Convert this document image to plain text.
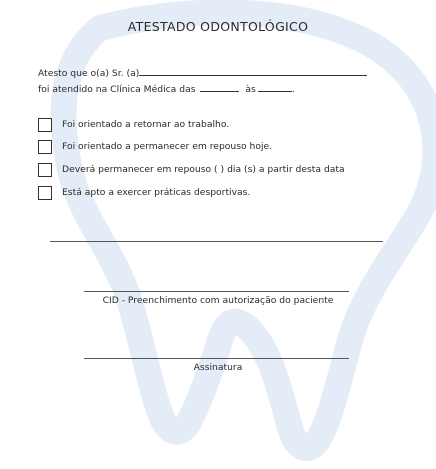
ATESTADO ODONTOLÓGICO
Atesto que o(a) Sr. (a)
foi atendido na Clínica Médica das	às	.
Foi orientado a retornar ao trabalho.
Foi orientado a permanecer em repouso hoje.
Deverá permanecer em repouso ( ) dia (s) a partir desta data
Está apto a exercer práticas desportivas.
CID - Preenchimento com autorização do paciente
Assinatura
